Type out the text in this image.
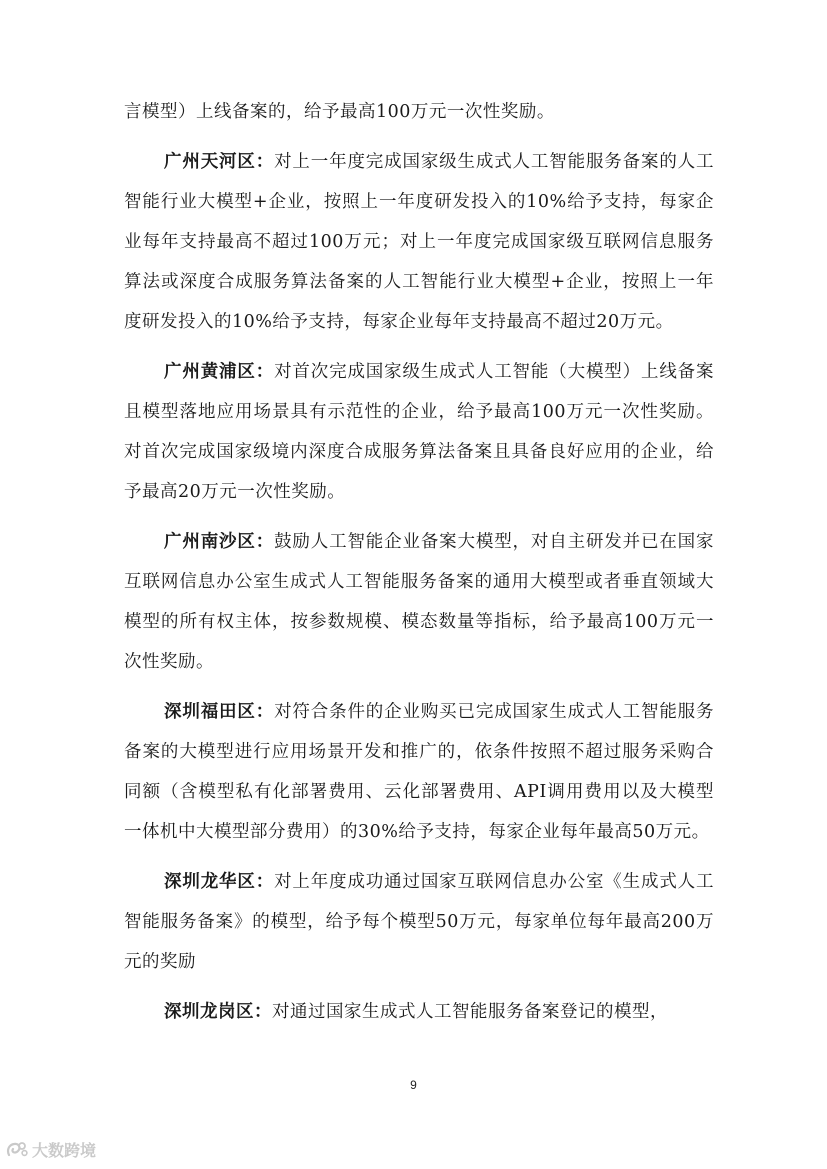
言模型）上线备案的，给予最高100万元一次性奖励。

广州天河区：对上一年度完成国家级生成式人工智能服务备案的人工智能行业大模型+企业，按照上一年度研发投入的10%给予支持，每家企业每年支持最高不超过100万元；对上一年度完成国家级互联网信息服务算法或深度合成服务算法备案的人工智能行业大模型+企业，按照上一年度研发投入的10%给予支持，每家企业每年支持最高不超过20万元。

广州黄浦区：对首次完成国家级生成式人工智能（大模型）上线备案且模型落地应用场景具有示范性的企业，给予最高100万元一次性奖励。对首次完成国家级境内深度合成服务算法备案且具备良好应用的企业，给予最高20万元一次性奖励。

广州南沙区：鼓励人工智能企业备案大模型，对自主研发并已在国家互联网信息办公室生成式人工智能服务备案的通用大模型或者垂直领域大模型的所有权主体，按参数规模、模态数量等指标，给予最高100万元一次性奖励。

深圳福田区：对符合条件的企业购买已完成国家生成式人工智能服务备案的大模型进行应用场景开发和推广的，依条件按照不超过服务采购合同额（含模型私有化部署费用、云化部署费用、API调用费用以及大模型一体机中大模型部分费用）的30%给予支持，每家企业每年最高50万元。

深圳龙华区：对上年度成功通过国家互联网信息办公室《生成式人工智能服务备案》的模型，给予每个模型50万元，每家单位每年最高200万元的奖励

深圳龙岗区：对通过国家生成式人工智能服务备案登记的模型，

9
大数跨境
